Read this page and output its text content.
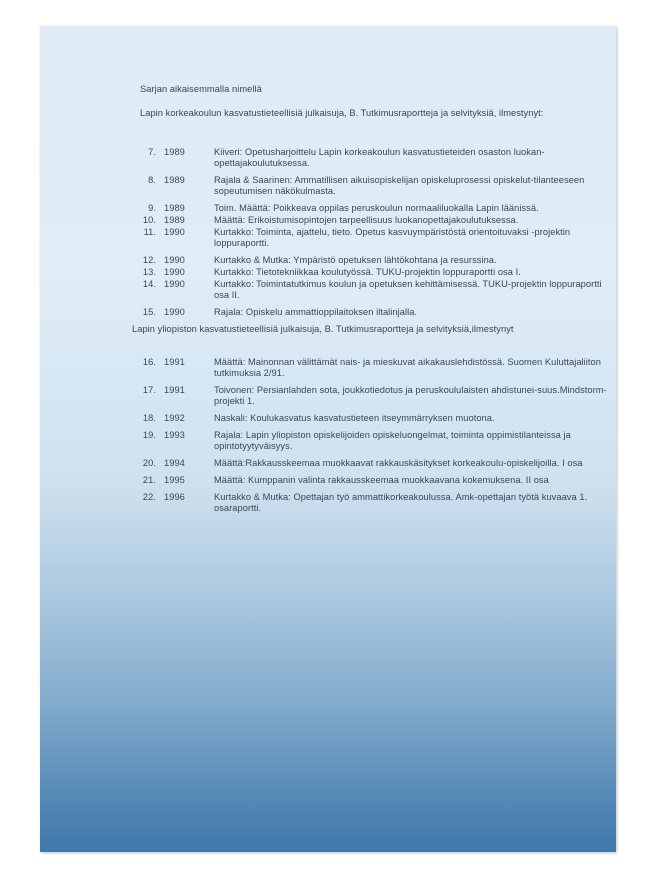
Sarjan aikaisemmalla nimellä
Lapin korkeakoulun kasvatustieteellisiä julkaisuja, B. Tutkimusraportteja ja selvityksiä, ilmestynyt:
7. 1989	Kiiveri: Opetusharjoittelu Lapin korkeakoulun kasvatustieteiden osaston luokan-opettajakoulutuksessa.
8. 1989	Rajala & Saarinen: Ammatillisen aikuisopiskelijan opiskeluprosessi opiskelut-tilanteeseen sopeutumisen näkökulmasta.
9. 1989	Toim. Määttä: Poikkeava oppilas peruskoulun normaaliluokalla Lapin läänissä.
10. 1989	Määttä: Erikoistumisopintojen tarpeellisuus luokanopettajakoulutuksessa.
11. 1990	Kurtakko: Toiminta, ajattelu, tieto. Opetus kasvuympäristöstä orientoituvaksi -projektin loppuraportti.
12. 1990	Kurtakko & Mutka: Ympäristö opetuksen lähtökohtana ja resurssina.
13. 1990	Kurtakko: Tietotekniikkaa koulutyössä. TUKU-projektin loppuraportti osa I.
14. 1990	Kurtakko: Toimintatutkimus koulun ja opetuksen kehittämisessä. TUKU-projektin loppuraportti osa II.
15. 1990	Rajala: Opiskelu ammattioppilaitoksen iltalinjalla.
Lapin yliopiston kasvatustieteellisiä julkaisuja, B. Tutkimusraportteja ja selvityksiä,ilmestynyt
16. 1991	Määttä: Mainonnan välittämät nais- ja mieskuvat aikakauslehdistössä. Suomen Kuluttajaliiton tutkimuksia 2/91.
17. 1991	Toivonen: Persianlahden sota, joukkotiedotus ja peruskoululaisten ahdistunei-suus.Mindstorm-projekti 1.
18. 1992	Naskali: Koulukasvatus kasvatustieteen itseymmärryksen muotona.
19. 1993	Rajala: Lapin yliopiston opiskelijoiden opiskeluongelmat, toiminta oppimistilanteissa ja opintotyytyväisyys.
20. 1994	Määttä:Rakkausskeemaa muokkaavat rakkauskäsitykset korkeakoulu-opiskelijoilla. I osa
21. 1995	Määttä: Kumppanin valinta rakkausskeemaa muokkaavana kokemuksena. II osa
22. 1996	Kurtakko & Mutka: Opettajan työ ammattikorkeakoulussa. Amk-opettajan työtä kuvaava 1. osaraportti.
